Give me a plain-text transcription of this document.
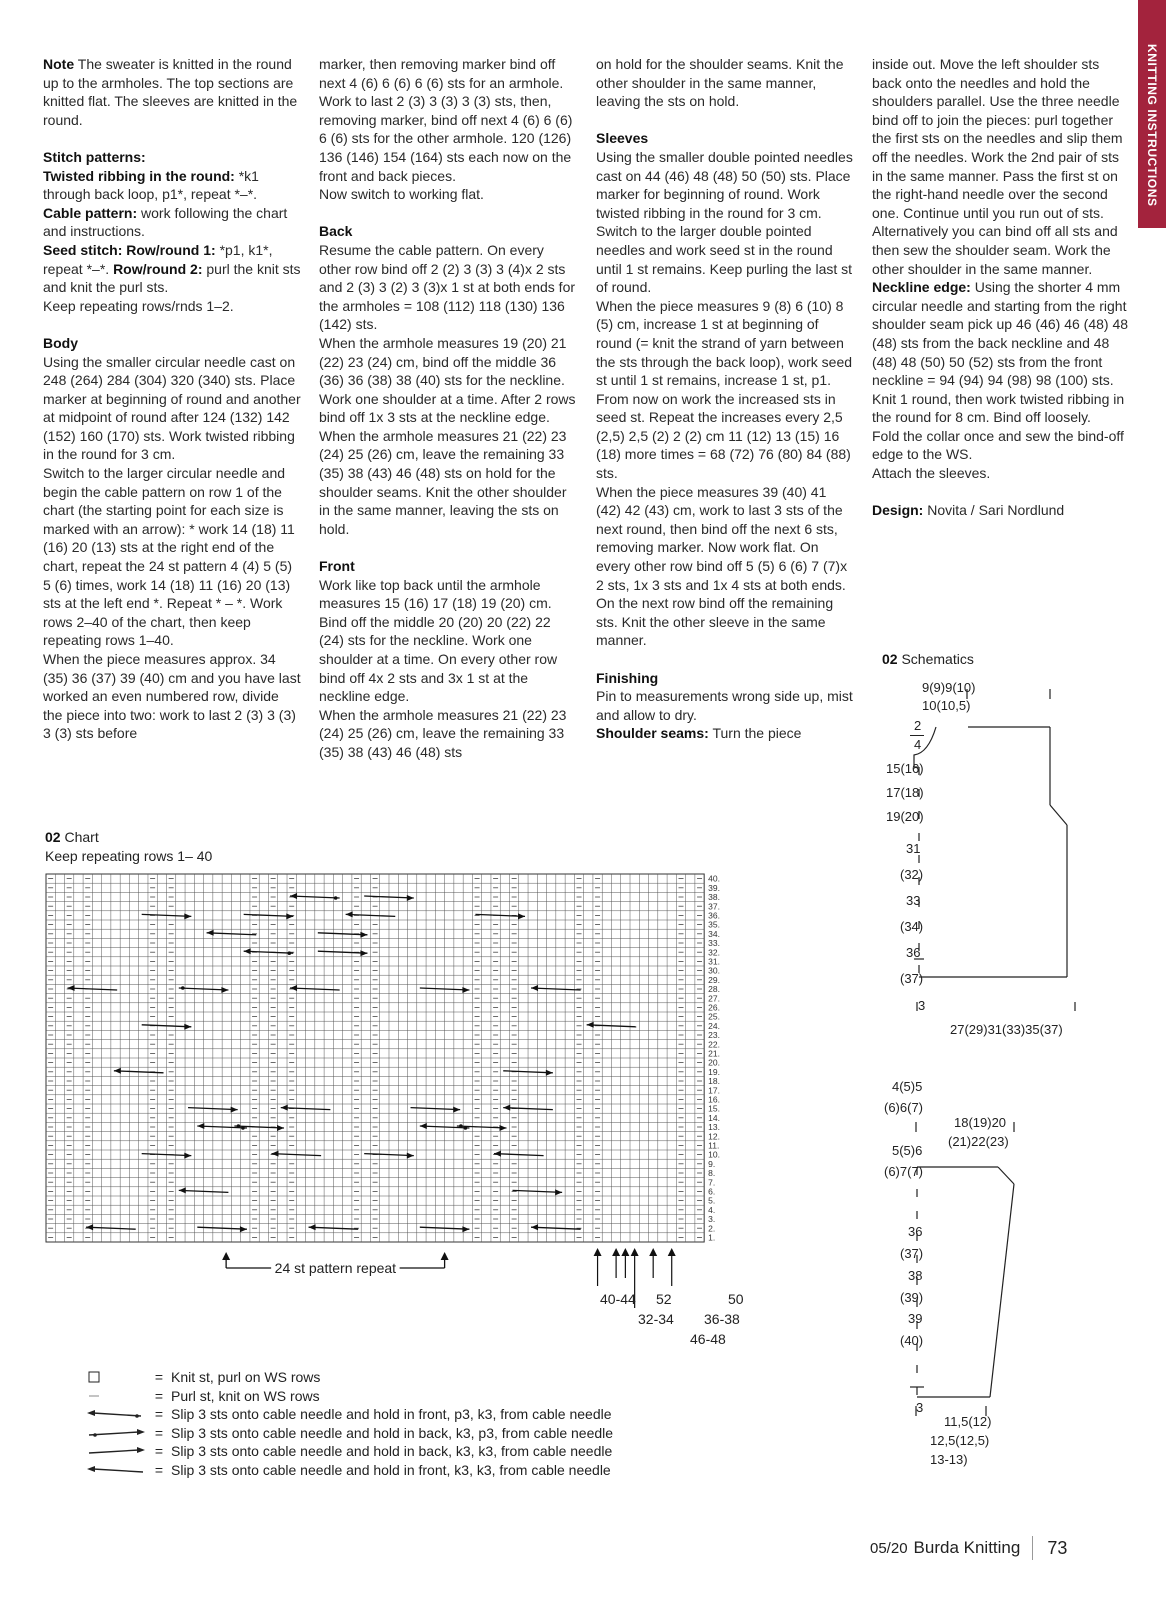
KNITTING INSTRUCTIONS

Note The sweater is knitted in the round up to the armholes. The top sections are knitted flat. The sleeves are knitted in the round.

Stitch patterns:

Twisted ribbing in the round: *k1 through back loop, p1*, repeat *–*.

Cable pattern: work following the chart and instructions.

Seed stitch: Row/round 1: *p1, k1*, repeat *–*. Row/round 2: purl the knit sts and knit the purl sts.

Keep repeating rows/rnds 1–2.

Body

Using the smaller circular needle cast on 248 (264) 284 (304) 320 (340) sts. Place marker at beginning of round and another at midpoint of round after 124 (132) 142 (152) 160 (170) sts. Work twisted ribbing in the round for 3 cm.

Switch to the larger circular needle and begin the cable pattern on row 1 of the chart (the starting point for each size is marked with an arrow): * work 14 (18) 11 (16) 20 (13) sts at the right end of the chart, repeat the 24 st pattern 4 (4) 5 (5) 5 (6) times, work 14 (18) 11 (16) 20 (13) sts at the left end *. Repeat * – *. Work rows 2–40 of the chart, then keep repeating rows 1–40.

When the piece measures approx. 34 (35) 36 (37) 39 (40) cm and you have last worked an even numbered row, divide the piece into two: work to last 2 (3) 3 (3) 3 (3) sts before

marker, then removing marker bind off next 4 (6) 6 (6) 6 (6) sts for an armhole. Work to last 2 (3) 3 (3) 3 (3) sts, then, removing marker, bind off next 4 (6) 6 (6) 6 (6) sts for the other armhole. 120 (126) 136 (146) 154 (164) sts each now on the front and back pieces.

Now switch to working flat.

Back

Resume the cable pattern. On every other row bind off 2 (2) 3 (3) 3 (4)x 2 sts and 2 (3) 3 (2) 3 (3)x 1 st at both ends for the armholes = 108 (112) 118 (130) 136 (142) sts.

When the armhole measures 19 (20) 21 (22) 23 (24) cm, bind off the middle 36 (36) 36 (38) 38 (40) sts for the neckline. Work one shoulder at a time. After 2 rows bind off 1x 3 sts at the neckline edge.

When the armhole measures 21 (22) 23 (24) 25 (26) cm, leave the remaining 33 (35) 38 (43) 46 (48) sts on hold for the shoulder seams. Knit the other shoulder in the same manner, leaving the sts on hold.

Front

Work like top back until the armhole measures 15 (16) 17 (18) 19 (20) cm. Bind off the middle 20 (20) 20 (22) 22 (24) sts for the neckline. Work one shoulder at a time. On every other row bind off 4x 2 sts and 3x 1 st at the neckline edge.

When the armhole measures 21 (22) 23 (24) 25 (26) cm, leave the remaining 33 (35) 38 (43) 46 (48) sts

on hold for the shoulder seams. Knit the other shoulder in the same manner, leaving the sts on hold.

Sleeves

Using the smaller double pointed needles cast on 44 (46) 48 (48) 50 (50) sts. Place marker for beginning of round. Work twisted ribbing in the round for 3 cm. Switch to the larger double pointed needles and work seed st in the round until 1 st remains. Keep purling the last st of round.

When the piece measures 9 (8) 6 (10) 8 (5) cm, increase 1 st at beginning of round (= knit the strand of yarn between the sts through the back loop), work seed st until 1 st remains, increase 1 st, p1. From now on work the increased sts in seed st. Repeat the increases every 2,5 (2,5) 2,5 (2) 2 (2) cm 11 (12) 13 (15) 16 (18) more times = 68 (72) 76 (80) 84 (88) sts.

When the piece measures 39 (40) 41 (42) 42 (43) cm, work to last 3 sts of the next round, then bind off the next 6 sts, removing marker. Now work flat. On every other row bind off 5 (5) 6 (6) 7 (7)x 2 sts, 1x 3 sts and 1x 4 sts at both ends. On the next row bind off the remaining sts. Knit the other sleeve in the same manner.

Finishing

Pin to measurements wrong side up, mist and allow to dry.

Shoulder seams: Turn the piece

inside out. Move the left shoulder sts back onto the needles and hold the shoulders parallel. Use the three needle bind off to join the pieces: purl together the first sts on the needles and slip them off the needles. Work the 2nd pair of sts in the same manner. Pass the first st on the right-hand needle over the second one. Continue until you run out of sts. Alternatively you can bind off all sts and then sew the shoulder seam. Work the other shoulder in the same manner.

Neckline edge: Using the shorter 4 mm circular needle and starting from the right shoulder seam pick up 46 (46) 46 (48) 48 (48) sts from the back neckline and 48 (48) 48 (50) 50 (52) sts from the front neckline = 94 (94) 94 (98) 98 (100) sts. Knit 1 round, then work twisted ribbing in the round for 8 cm. Bind off loosely.

Fold the collar once and sew the bind-off edge to the WS.

Attach the sleeves.

Design: Novita / Sari Nordlund

02 Chart
Keep repeating rows 1– 40
1.
2.
3.
4.
5.
6.
7.
8.
9.
10.
11.
12.
13.
14.
15.
16.
17.
18.
19.
20.
21.
22.
23.
24.
25.
26.
27.
28.
29.
30.
31.
32.
33.
34.
35.
36.
37.
38.
39.
40.
24 st pattern repeat
40-44 52
32-34
46-48
36-38
50
= Knit st, purl on WS rows
= Purl st, knit on WS rows
= Slip 3 sts onto cable needle and hold in front, p3, k3, from cable needle
= Slip 3 sts onto cable needle and hold in back, k3, p3, from cable needle
= Slip 3 sts onto cable needle and hold in back, k3, k3, from cable needle
= Slip 3 sts onto cable needle and hold in front, k3, k3, from cable needle
02 Schematics
9(9)9(10)
10(10,5)
2
4
15(16)
17(18)
19(20)
31
(32)
33
(34)
36
(37)
3
27(29)31(33)35(37)
4(5)5
(6)6(7)
18(19)20
(21)22(23)
5(5)6
(6)7(7)
36
(37)
38
(39)
39
(40)
3
11,5(12)
12,5(12,5)
13-13)
05/20 Burda Knitting 73
